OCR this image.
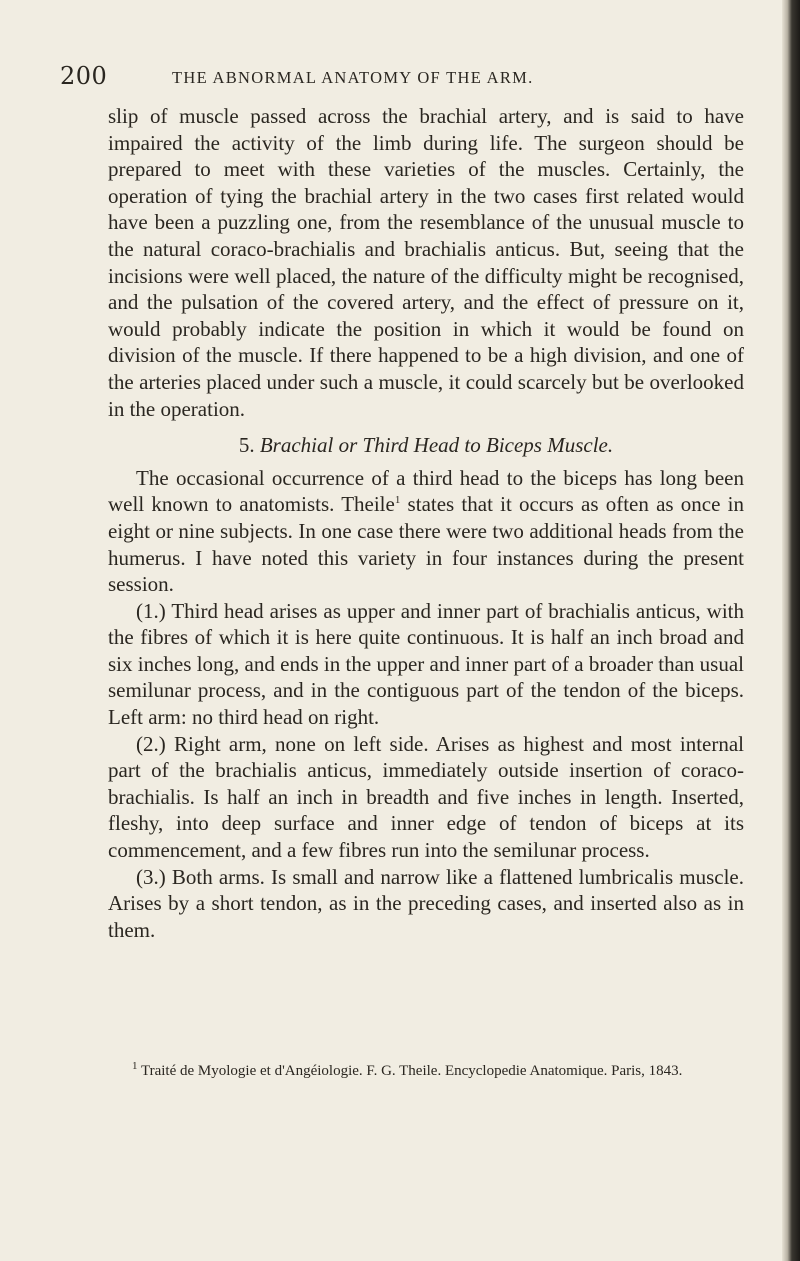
200	THE ABNORMAL ANATOMY OF THE ARM.

slip of muscle passed across the brachial artery, and is said to have impaired the activity of the limb during life. The surgeon should be prepared to meet with these varieties of the muscles. Certainly, the operation of tying the brachial artery in the two cases first related would have been a puzzling one, from the resemblance of the unusual muscle to the natural coraco-brachialis and brachialis anticus. But, seeing that the incisions were well placed, the nature of the difficulty might be recognised, and the pulsation of the covered artery, and the effect of pressure on it, would probably indicate the position in which it would be found on division of the muscle. If there happened to be a high division, and one of the arteries placed under such a muscle, it could scarcely but be overlooked in the operation.

5. Brachial or Third Head to Biceps Muscle.

The occasional occurrence of a third head to the biceps has long been well known to anatomists. Theile$^1$ states that it occurs as often as once in eight or nine subjects. In one case there were two additional heads from the humerus. I have noted this variety in four instances during the present session.

(1.) Third head arises as upper and inner part of brachialis anticus, with the fibres of which it is here quite continuous. It is half an inch broad and six inches long, and ends in the upper and inner part of a broader than usual semilunar process, and in the contiguous part of the tendon of the biceps. Left arm: no third head on right.

(2.) Right arm, none on left side. Arises as highest and most internal part of the brachialis anticus, immediately outside insertion of coraco-brachialis. Is half an inch in breadth and five inches in length. Inserted, fleshy, into deep surface and inner edge of tendon of biceps at its commencement, and a few fibres run into the semilunar process.

(3.) Both arms. Is small and narrow like a flattened lumbricalis muscle. Arises by a short tendon, as in the preceding cases, and inserted also as in them.

$^1$ Traité de Myologie et d'Angéiologie. F. G. Theile. Encyclopedie Anatomique. Paris, 1843.
